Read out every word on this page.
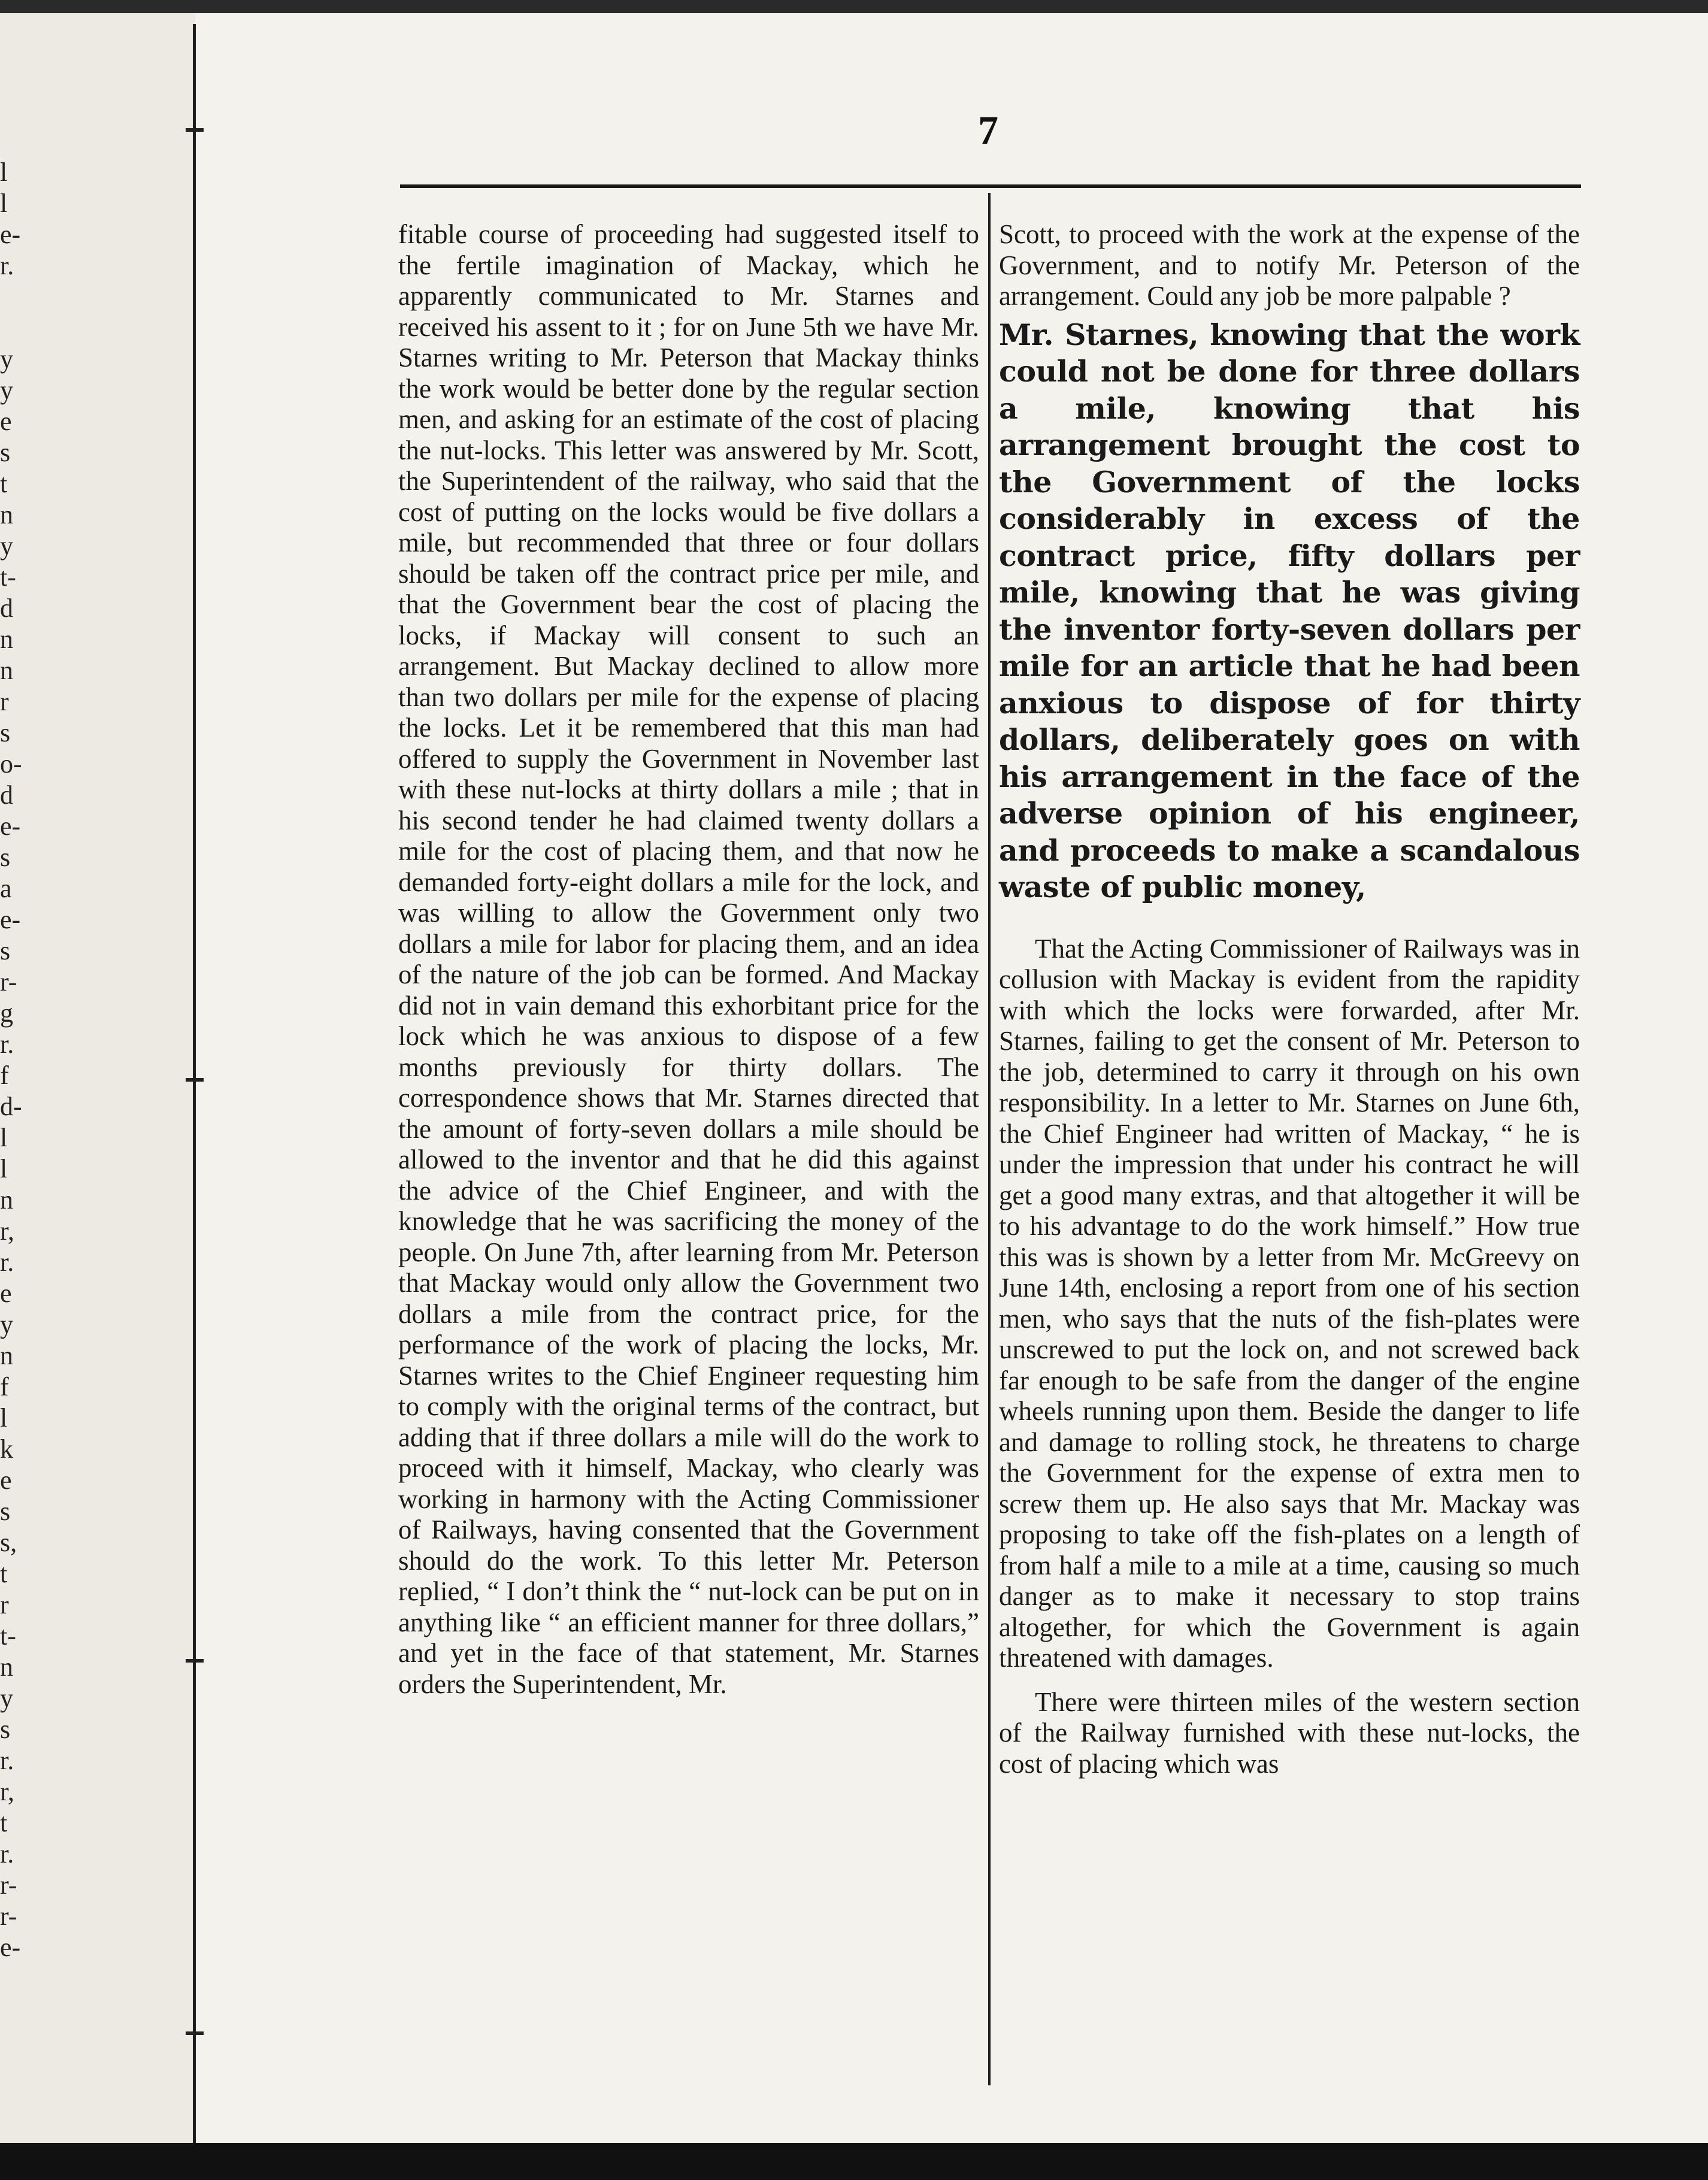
l
l
e-
r.
y
y
e
s
t
n
y
t-
d
n
n
r
s
o-
d
e-
s
a
e-
s
r-
g
r.
f
d-
l
l
n
r,
r.
e
y
n
f
l
k
e
s
s,
t
r
t-
n
y
s
r.
r,
t
r.
r-
r-
e-
7

fitable course of proceeding had suggested itself to the fertile imagination of Mackay, which he apparently communicated to Mr. Starnes and received his assent to it ; for on June 5th we have Mr. Starnes writing to Mr. Peterson that Mackay thinks the work would be better done by the regular section men, and asking for an estimate of the cost of placing the nut-locks. This letter was answered by Mr. Scott, the Superintendent of the railway, who said that the cost of putting on the locks would be five dollars a mile, but recommended that three or four dollars should be taken off the contract price per mile, and that the Government bear the cost of placing the locks, if Mackay will consent to such an arrangement. But Mackay declined to allow more than two dollars per mile for the expense of placing the locks. Let it be remembered that this man had offered to supply the Government in November last with these nut-locks at thirty dollars a mile ; that in his second tender he had claimed twenty dollars a mile for the cost of placing them, and that now he demanded forty-eight dollars a mile for the lock, and was willing to allow the Government only two dollars a mile for labor for placing them, and an idea of the nature of the job can be formed. And Mackay did not in vain demand this exhorbitant price for the lock which he was anxious to dispose of a few months previously for thirty dollars. The correspondence shows that Mr. Starnes directed that the amount of forty-seven dollars a mile should be allowed to the inventor and that he did this against the advice of the Chief Engineer, and with the knowledge that he was sacrificing the money of the people. On June 7th, after learning from Mr. Peterson that Mackay would only allow the Government two dollars a mile from the contract price, for the performance of the work of placing the locks, Mr. Starnes writes to the Chief Engineer requesting him to comply with the original terms of the contract, but adding that if three dollars a mile will do the work to proceed with it himself, Mackay, who clearly was working in harmony with the Acting Commissioner of Railways, having consented that the Government should do the work. To this letter Mr. Peterson replied, “ I don’t think the “ nut-lock can be put on in anything like “ an efficient manner for three dollars,” and yet in the face of that statement, Mr. Starnes orders the Superintendent, Mr.

Scott, to proceed with the work at the expense of the Government, and to notify Mr. Peterson of the arrangement. Could any job be more palpable ?

Mr. Starnes, knowing that the work could not be done for three dollars a mile, knowing that his arrangement brought the cost to the Government of the locks considerably in excess of the contract price, fifty dollars per mile, knowing that he was giving the inventor forty-seven dollars per mile for an article that he had been anxious to dispose of for thirty dollars, deliberately goes on with his arrangement in the face of the adverse opinion of his engineer, and proceeds to make a scandalous waste of public money,

That the Acting Commissioner of Railways was in collusion with Mackay is evident from the rapidity with which the locks were forwarded, after Mr. Starnes, failing to get the consent of Mr. Peterson to the job, determined to carry it through on his own responsibility. In a letter to Mr. Starnes on June 6th, the Chief Engineer had written of Mackay, “ he is under the impression that under his contract he will get a good many extras, and that altogether it will be to his advantage to do the work himself.” How true this was is shown by a letter from Mr. McGreevy on June 14th, enclosing a report from one of his section men, who says that the nuts of the fish-plates were unscrewed to put the lock on, and not screwed back far enough to be safe from the danger of the engine wheels running upon them. Beside the danger to life and damage to rolling stock, he threatens to charge the Government for the expense of extra men to screw them up. He also says that Mr. Mackay was proposing to take off the fish-plates on a length of from half a mile to a mile at a time, causing so much danger as to make it necessary to stop trains altogether, for which the Government is again threatened with damages.

There were thirteen miles of the western section of the Railway furnished with these nut-locks, the cost of placing which was
